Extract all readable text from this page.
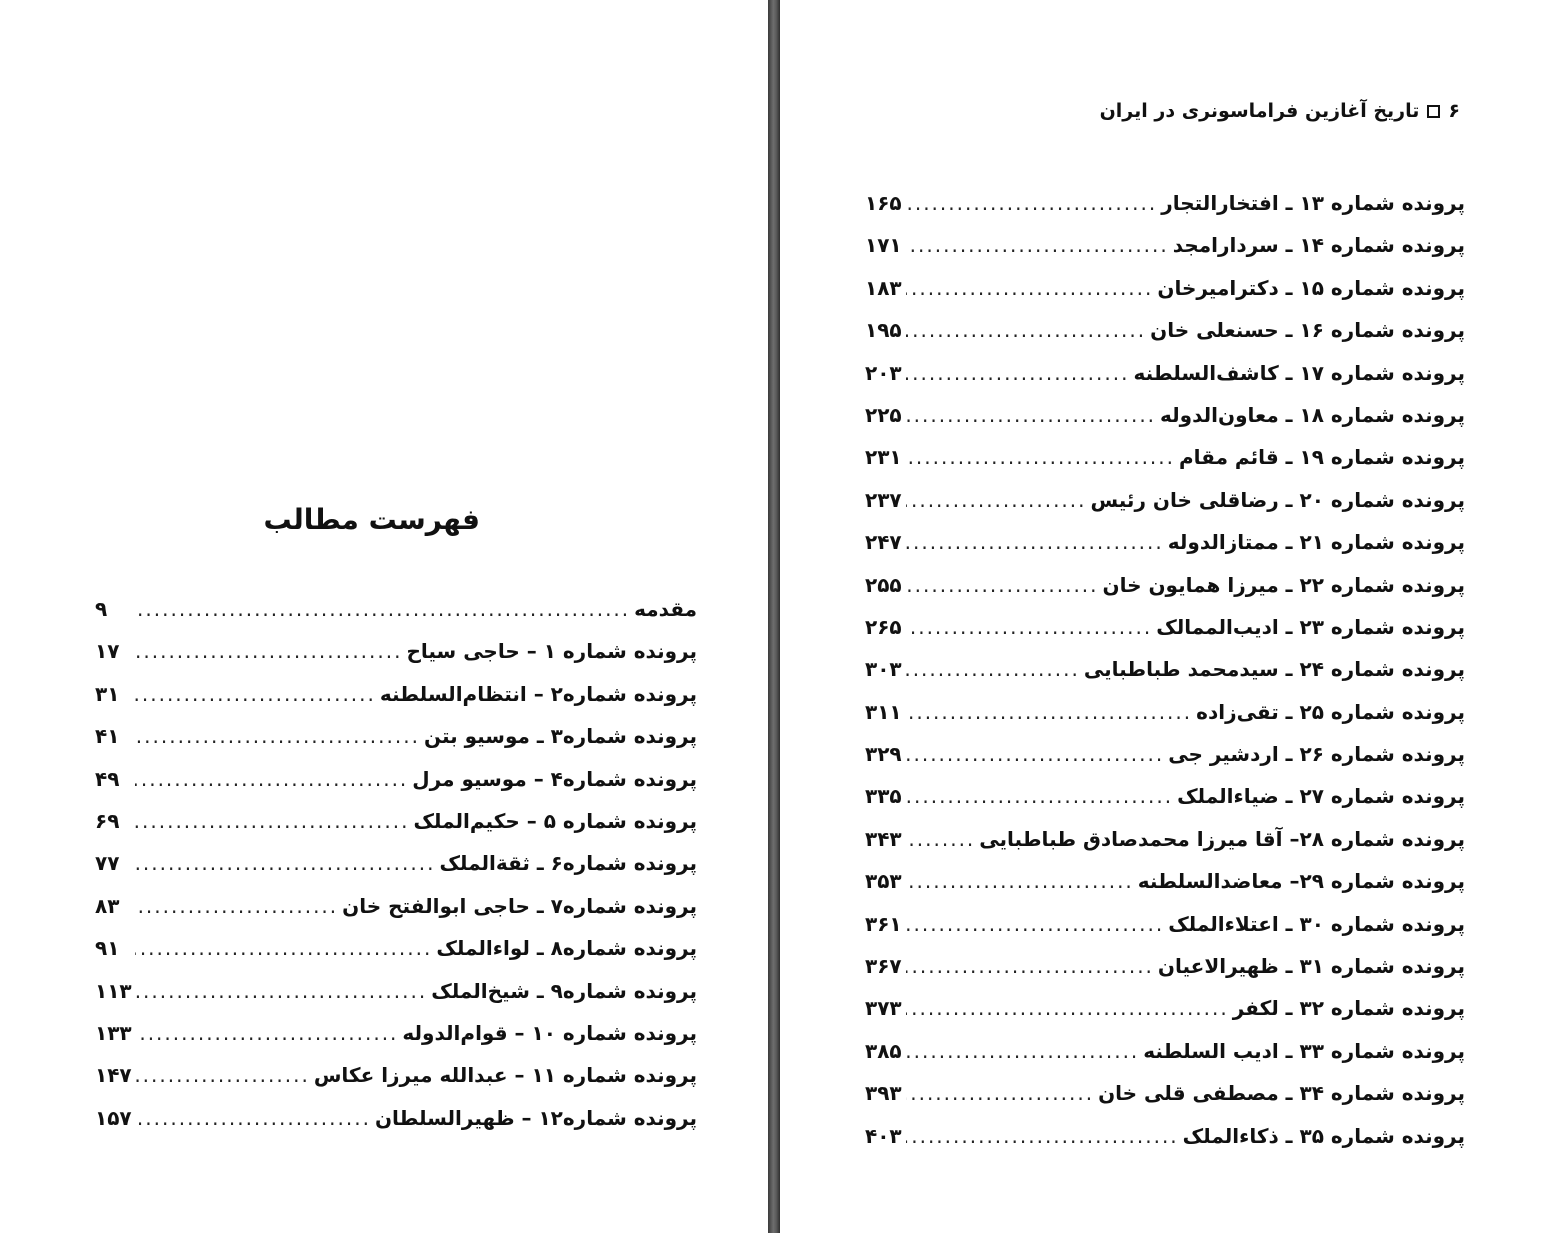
فهرست مطالب
مقدمه
.....
۹
پرونده شماره ۱ – حاجی سیاح
.....
۱۷
پرونده شماره۲ – انتظام‌السلطنه
.....
۳۱
پرونده شماره۳ ـ موسیو بتن
.....
۴۱
پرونده شماره۴ – موسیو مرل
.....
۴۹
پرونده شماره ۵ – حکیم‌الملک
.....
۶۹
پرونده شماره۶ ـ ثقة‌الملک
.....
۷۷
پرونده شماره۷ ـ حاجی ابوالفتح خان
.....
۸۳
پرونده شماره۸ ـ لواءالملک
.....
۹۱
پرونده شماره۹ ـ شیخ‌الملک
.....
۱۱۳
پرونده شماره ۱۰ – قوام‌الدوله
.....
۱۳۳
پرونده شماره ۱۱ – عبدالله میرزا عکاس
.....
۱۴۷
پرونده شماره۱۲ – ظهیرالسلطان
.....
۱۵۷
۶تاریخ آغازین فراماسونری در ایران
پرونده شماره ۱۳ ـ افتخارالتجار
.....
۱۶۵
پرونده شماره ۱۴ ـ سردارامجد
.....
۱۷۱
پرونده شماره ۱۵ ـ دکترامیرخان
.....
۱۸۳
پرونده شماره ۱۶ ـ حسنعلی خان
.....
۱۹۵
پرونده شماره ۱۷ ـ کاشف‌السلطنه
.....
۲۰۳
پرونده شماره ۱۸ ـ معاون‌الدوله
.....
۲۲۵
پرونده شماره ۱۹ ـ قائم مقام
.....
۲۳۱
پرونده شماره ۲۰ ـ رضاقلی خان رئیس
.....
۲۳۷
پرونده شماره ۲۱ ـ ممتازالدوله
.....
۲۴۷
پرونده شماره ۲۲ ـ میرزا همایون خان
.....
۲۵۵
پرونده شماره ۲۳ ـ ادیب‌الممالک
.....
۲۶۵
پرونده شماره ۲۴ ـ سیدمحمد طباطبایی
.....
۳۰۳
پرونده شماره ۲۵ ـ تقی‌زاده
.....
۳۱۱
پرونده شماره ۲۶ ـ اردشیر جی
.....
۳۲۹
پرونده شماره ۲۷ ـ ضیاءالملک
.....
۳۳۵
پرونده شماره ۲۸– آقا میرزا محمدصادق طباطبایی
.....
۳۴۳
پرونده شماره ۲۹– معاضدالسلطنه
.....
۳۵۳
پرونده شماره ۳۰ ـ اعتلاءالملک
.....
۳۶۱
پرونده شماره ۳۱ ـ ظهیرالاعیان
.....
۳۶۷
پرونده شماره ۳۲ ـ لکفر
.....
۳۷۳
پرونده شماره ۳۳ ـ ادیب السلطنه
.....
۳۸۵
پرونده شماره ۳۴ ـ مصطفی قلی خان
.....
۳۹۳
پرونده شماره ۳۵ ـ ذکاءالملک
.....
۴۰۳
